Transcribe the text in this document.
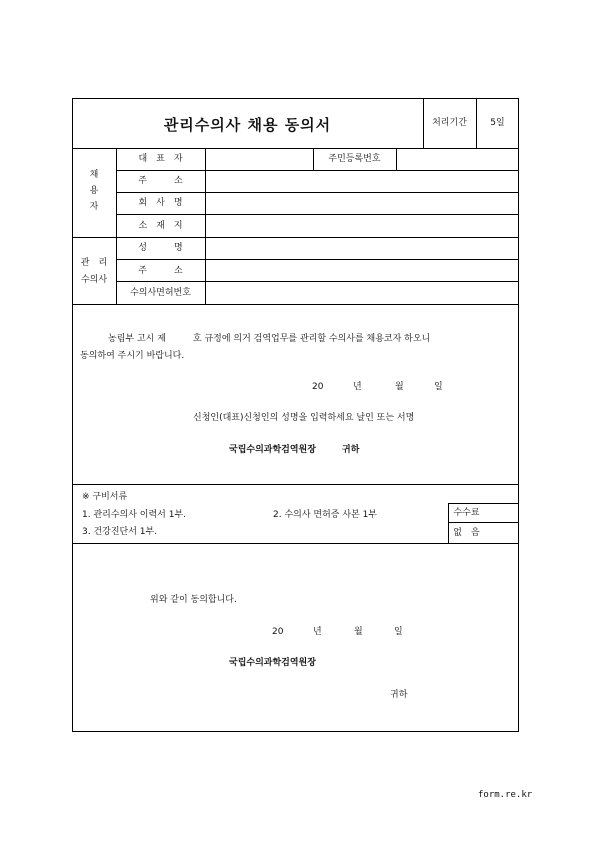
관리수의사 채용 동의서	처리기간	5일
채
용
자
대　표　자	주민등록번호
주　　　소
회　사　명
소　재　지
관　리
수의사
성　　　명
주　　　소
수의사면허번호
농림부 고시 제　　　호 규정에 의거 검역업무를 관리할 수의사를 채용코자 하오니
동의하여 주시기 바랍니다.
20	년	월	일
신청인(대표)신청인의 성명을 입력하세요 날인 또는 서명
국립수의과학검역원장	귀하
※ 구비서류
1. 관리수의사 이력서 1부.	2. 수의사 면허증 사본 1부
3. 건강진단서 1부.
수수료
없　음
위와 같이 동의합니다.
20	년	월	일
국립수의과학검역원장
귀하
form.re.kr
